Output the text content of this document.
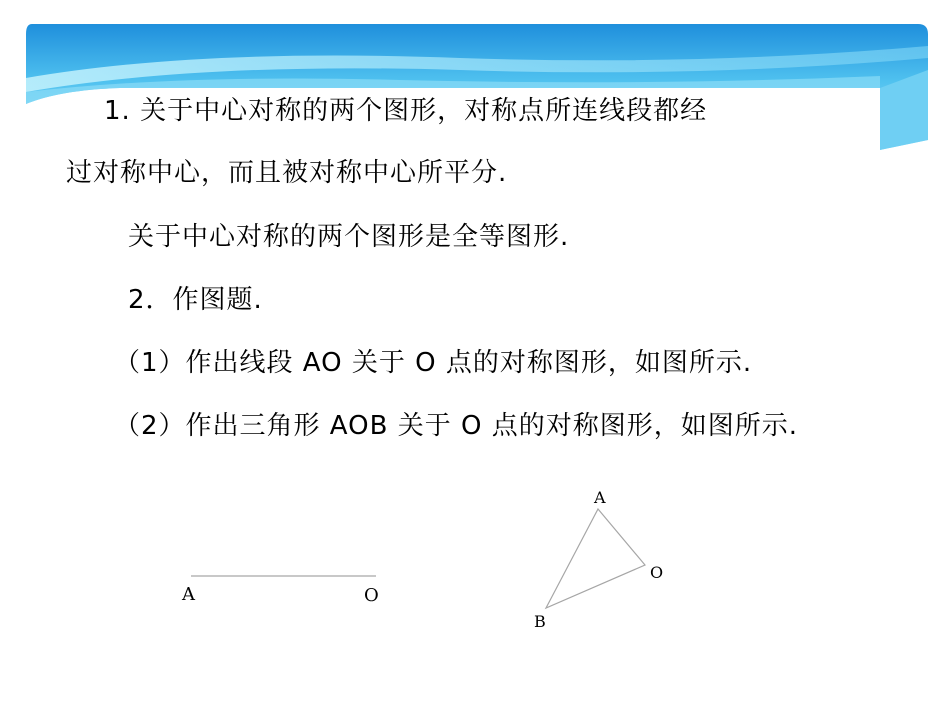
1. 关于中心对称的两个图形，对称点所连线段都经
过对称中心，而且被对称中心所平分.
关于中心对称的两个图形是全等图形.
2．作图题.
（1）作出线段 AO 关于 O 点的对称图形，如图所示.
（2）作出三角形 AOB 关于 O 点的对称图形，如图所示.
A	O
A
O
B
